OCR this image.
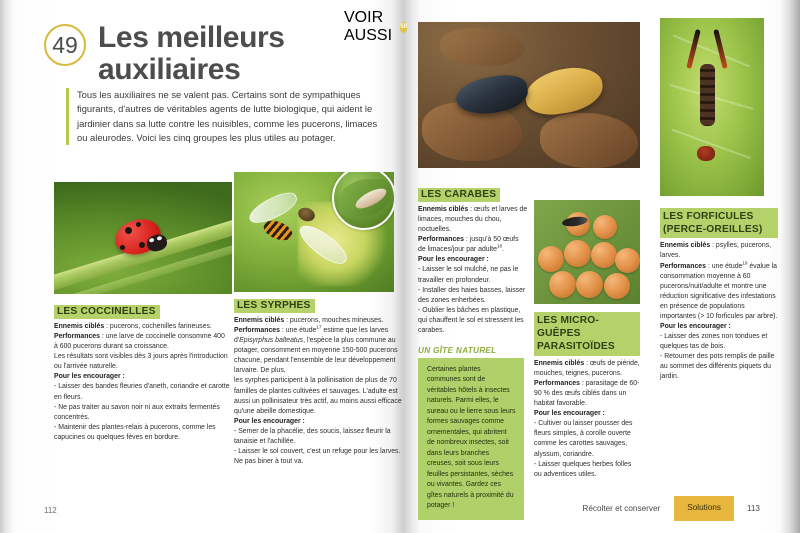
VOIR AUSSI	50
49 Les meilleurs auxiliaires
Tous les auxiliaires ne se valent pas. Certains sont de sympathiques figurants, d'autres de véritables agents de lutte biologique, qui aident le jardinier dans sa lutte contre les nuisibles, comme les pucerons, limaces ou aleurodes. Voici les cinq groupes les plus utiles au potager.
LES COCCINELLES

Ennemis ciblés : pucerons, cochenilles farineuses.

Performances : une larve de coccinelle consomme 400 à 600 pucerons durant sa croissance.

Les résultats sont visibles dès 3 jours après l'introduction ou l'arrivée naturelle.

Pour les encourager :

- Laisser des bandes fleuries d'aneth, coriandre et carotte en fleurs.

- Ne pas traiter au savon noir ni aux extraits fermentés concentrés.

- Maintenir des plantes-relais à pucerons, comme les capucines ou quelques fèves en bordure.

LES SYRPHES

Ennemis ciblés : pucerons, mouches mineuses.

Performances : une étude$^{17}$ estime que les larves d'Episyrphus balteatus, l'espèce la plus commune au potager, consomment en moyenne 150-500 pucerons chacune, pendant l'ensemble de leur développement larvaire. De plus,

les syrphes participent à la pollinisation de plus de 70 familles de plantes cultivées et sauvages. L'adulte est aussi un pollinisateur très actif, au moins aussi efficace qu'une abeille domestique.

Pour les encourager :

- Semer de la phacélie, des soucis, laissez fleurir la tanaisie et l'achillée.

- Laisser le sol couvert, c'est un refuge pour les larves. Ne pas biner à tout va.

112
LES CARABES

Ennemis ciblés : œufs et larves de limaces, mouches du chou, noctuelles.

Performances : jusqu'à 50 œufs de limaces/jour par adulte$^{18}$.

Pour les encourager :

- Laisser le sol mulché, ne pas le travailler en profondeur.

- Installer des haies basses, laisser des zones enherbées.

- Oublier les bâches en plastique, qui chauffent le sol et stressent les carabes.

UN GÎTE NATUREL
Certaines plantes communes sont de véritables hôtels à insectes naturels. Parmi elles, le sureau ou le lierre sous leurs formes sauvages comme ornementales, qui abritent de nombreux insectes, soit dans leurs branches creuses, soit sous leurs feuilles persistantes, sèches ou vivantes. Gardez ces gîtes naturels à proximité du potager !
LES MICRO-GUÊPES PARASITOÏDES

Ennemis ciblés : œufs de piéride, mouches, teignes, pucerons.

Performances : parasitage de 60-90 % des œufs ciblés dans un habitat favorable.

Pour les encourager :

- Cultiver ou laisser pousser des fleurs simples, à corolle ouverte comme les carottes sauvages, alyssum, coriandre.

- Laisser quelques herbes folles ou adventices utiles.

LES FORFICULES (PERCE-OREILLES)

Ennemis ciblés : psylles, pucerons, larves.

Performances : une étude$^{19}$ évalue la consommation moyenne à 60 pucerons/nuit/adulte et montre une réduction significative des infestations en présence de populations importantes (> 10 forficules par arbre).

Pour les encourager :

- Laisser des zones non tondues et quelques tas de bois.

- Retourner des pots remplis de paille au sommet des différents piquets du jardin.

Récolter et conserver	Solutions	113
